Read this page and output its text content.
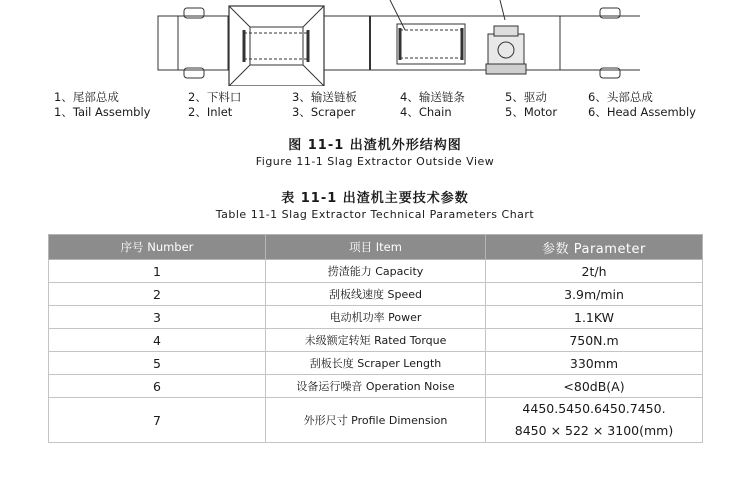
1、尾部总成
1、Tail Assembly
2、下料口
2、Inlet
3、输送链板
3、Scraper
4、输送链条
4、Chain
5、驱动
5、Motor
6、头部总成
6、Head Assembly
图 11-1 出渣机外形结构图
Figure 11-1 Slag Extractor Outside View
表 11-1 出渣机主要技术参数
Table 11-1 Slag Extractor Technical Parameters Chart
序号 Number	项目 Item	参数 Parameter
1	捞渣能力 Capacity	2t/h
2	刮板线速度 Speed	3.9m/min
3	电动机功率 Power	1.1KW
4	未级额定转矩 Rated Torque	750N.m
5	刮板长度 Scraper Length	330mm
6	设备运行噪音 Operation Noise	<80dB(A)
7	外形尺寸 Profile Dimension	4450.5450.6450.7450.
8450 × 522 × 3100(mm)
